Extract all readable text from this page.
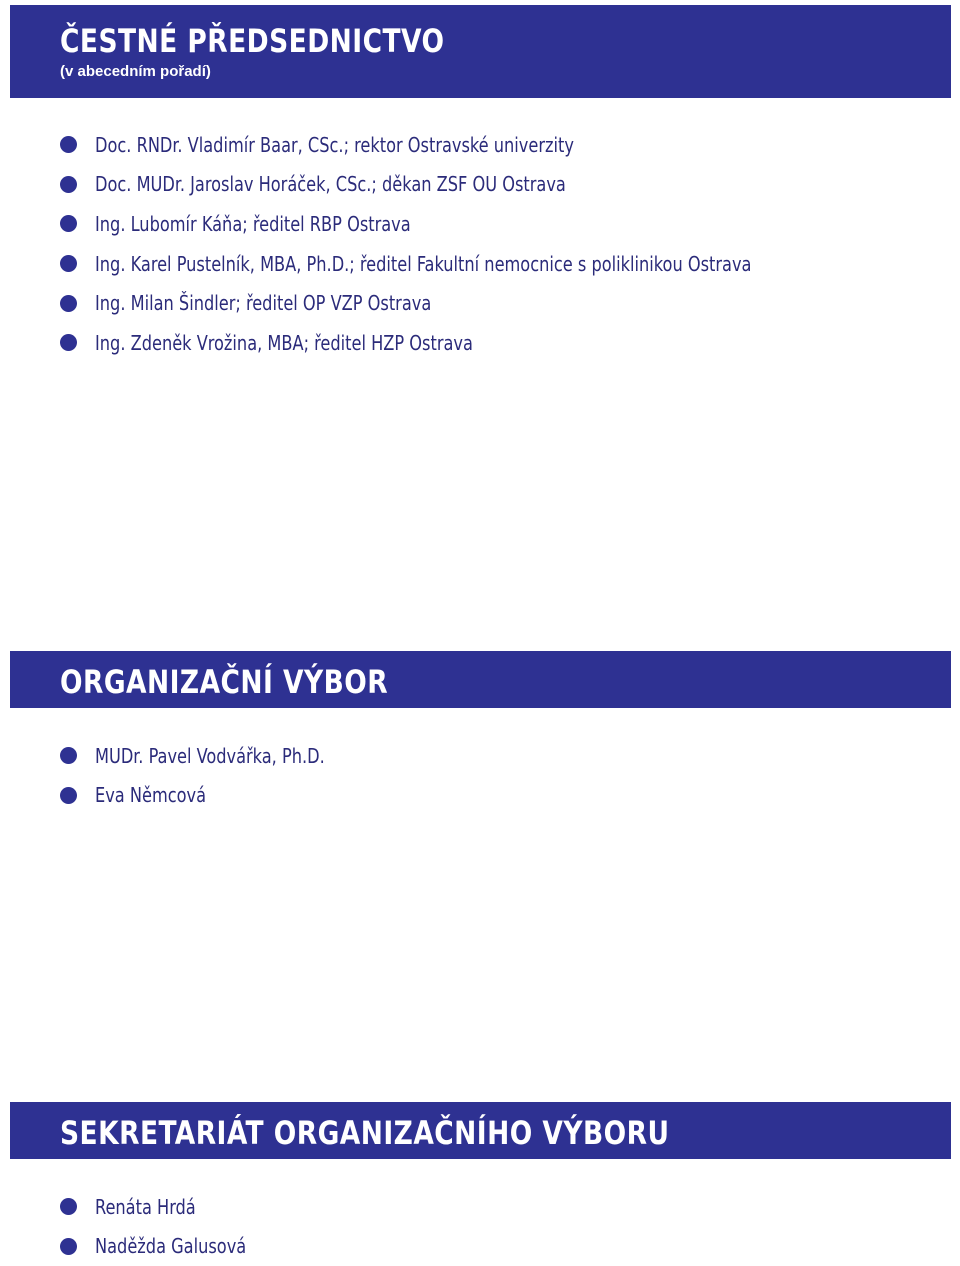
ČESTNÉ PŘEDSEDNICTVO
(v abecedním pořadí)
Doc. RNDr. Vladimír Baar, CSc.; rektor Ostravské univerzity
Doc. MUDr. Jaroslav Horáček, CSc.; děkan ZSF OU Ostrava
Ing. Lubomír Káňa; ředitel RBP Ostrava
Ing. Karel Pustelník, MBA, Ph.D.; ředitel Fakultní nemocnice s poliklinikou Ostrava
Ing. Milan Šindler; ředitel OP VZP Ostrava
Ing. Zdeněk Vrožina, MBA; ředitel HZP Ostrava
ORGANIZAČNÍ VÝBOR
MUDr. Pavel Vodvářka, Ph.D.
Eva Němcová
SEKRETARIÁT ORGANIZAČNÍHO VÝBORU
Renáta Hrdá
Naděžda Galusová
